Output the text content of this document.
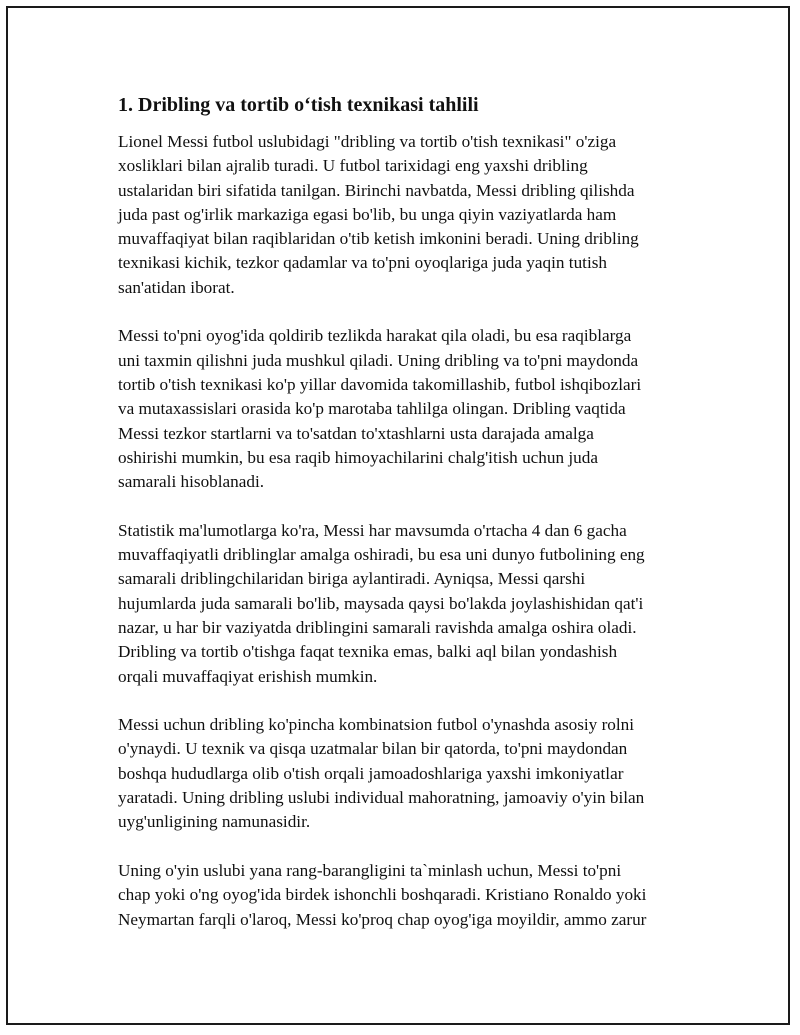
1. Dribling va tortib o‘tish texnikasi tahlili

Lionel Messi futbol uslubidagi "dribling va tortib o'tish texnikasi" o'ziga
xosliklari bilan ajralib turadi. U futbol tarixidagi eng yaxshi dribling
ustalaridan biri sifatida tanilgan. Birinchi navbatda, Messi dribling qilishda
juda past og'irlik markaziga egasi bo'lib, bu unga qiyin vaziyatlarda ham
muvaffaqiyat bilan raqiblaridan o'tib ketish imkonini beradi. Uning dribling
texnikasi kichik, tezkor qadamlar va to'pni oyoqlariga juda yaqin tutish
san'atidan iborat.

Messi to'pni oyog'ida qoldirib tezlikda harakat qila oladi, bu esa raqiblarga
uni taxmin qilishni juda mushkul qiladi. Uning dribling va to'pni maydonda
tortib o'tish texnikasi ko'p yillar davomida takomillashib, futbol ishqibozlari
va mutaxassislari orasida ko'p marotaba tahlilga olingan. Dribling vaqtida
Messi tezkor startlarni va to'satdan to'xtashlarni usta darajada amalga
oshirishi mumkin, bu esa raqib himoyachilarini chalg'itish uchun juda
samarali hisoblanadi.

Statistik ma'lumotlarga ko'ra, Messi har mavsumda o'rtacha 4 dan 6 gacha
muvaffaqiyatli driblinglar amalga oshiradi, bu esa uni dunyo futbolining eng
samarali driblingchilaridan biriga aylantiradi. Ayniqsa, Messi qarshi
hujumlarda juda samarali bo'lib, maysada qaysi bo'lakda joylashishidan qat'i
nazar, u har bir vaziyatda driblingini samarali ravishda amalga oshira oladi.
Dribling va tortib o'tishga faqat texnika emas, balki aql bilan yondashish
orqali muvaffaqiyat erishish mumkin.

Messi uchun dribling ko'pincha kombinatsion futbol o'ynashda asosiy rolni
o'ynaydi. U texnik va qisqa uzatmalar bilan bir qatorda, to'pni maydondan
boshqa hududlarga olib o'tish orqali jamoadoshlariga yaxshi imkoniyatlar
yaratadi. Uning dribling uslubi individual mahoratning, jamoaviy o'yin bilan
uyg'unligining namunasidir.

Uning o'yin uslubi yana rang-barangligini ta`minlash uchun, Messi to'pni
chap yoki o'ng oyog'ida birdek ishonchli boshqaradi. Kristiano Ronaldo yoki
Neymartan farqli o'laroq, Messi ko'proq chap oyog'iga moyildir, ammo zarur
